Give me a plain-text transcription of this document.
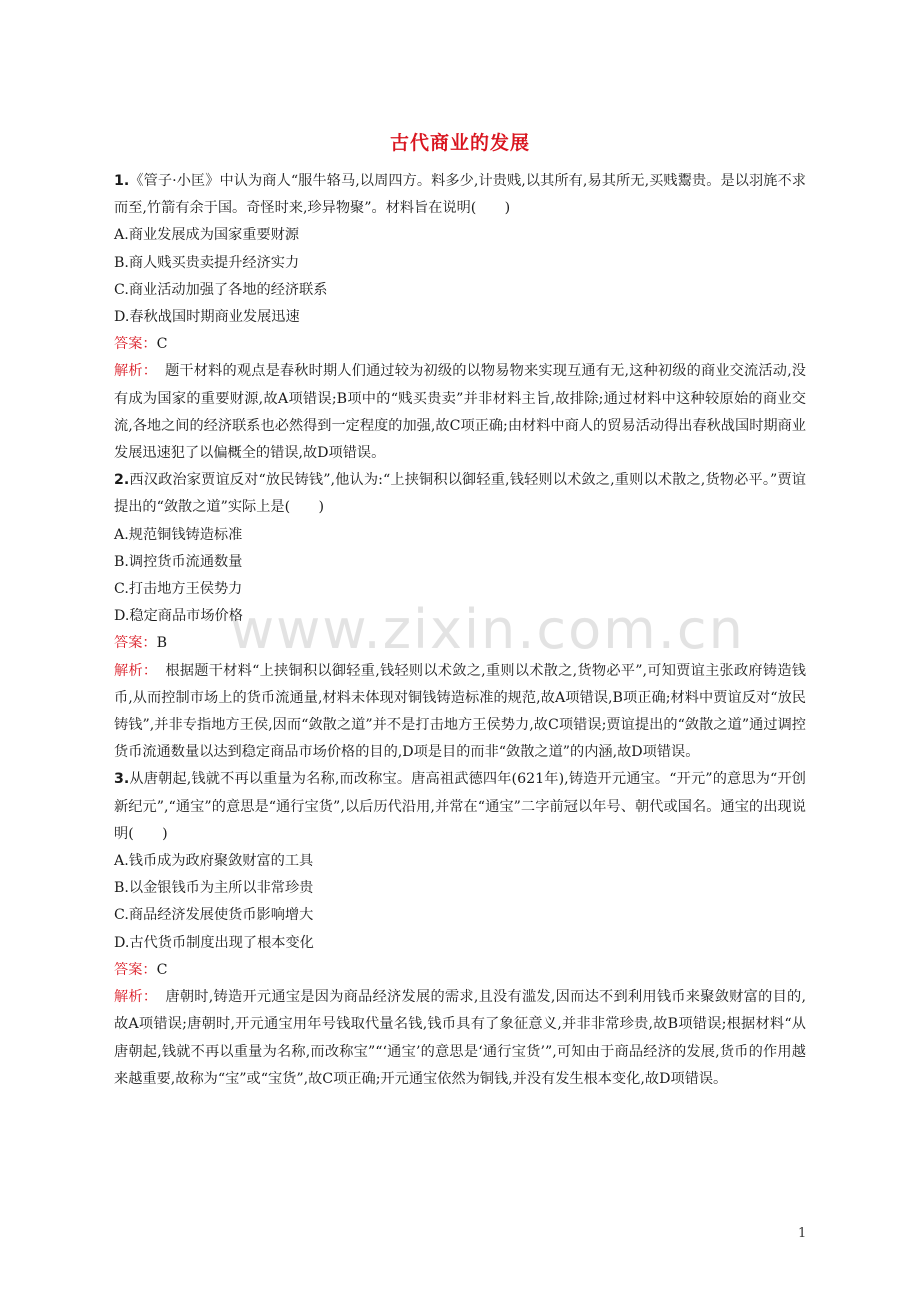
www.zixin.com.cn
古代商业的发展

1.《管子·小匡》中认为商人“服牛辂马,以周四方。料多少,计贵贱,以其所有,易其所无,买贱鬻贵。是以羽旄不求而至,竹箭有余于国。奇怪时来,珍异物聚”。材料旨在说明(　　)

A.商业发展成为国家重要财源

B.商人贱买贵卖提升经济实力

C.商业活动加强了各地的经济联系

D.春秋战国时期商业发展迅速

答案：C

解析： 题干材料的观点是春秋时期人们通过较为初级的以物易物来实现互通有无,这种初级的商业交流活动,没有成为国家的重要财源,故A项错误;B项中的“贱买贵卖”并非材料主旨,故排除;通过材料中这种较原始的商业交流,各地之间的经济联系也必然得到一定程度的加强,故C项正确;由材料中商人的贸易活动得出春秋战国时期商业发展迅速犯了以偏概全的错误,故D项错误。

2.西汉政治家贾谊反对“放民铸钱”,他认为:“上挟铜积以御轻重,钱轻则以术敛之,重则以术散之,货物必平。”贾谊提出的“敛散之道”实际上是(　　)

A.规范铜钱铸造标准

B.调控货币流通数量

C.打击地方王侯势力

D.稳定商品市场价格

答案：B

解析： 根据题干材料“上挟铜积以御轻重,钱轻则以术敛之,重则以术散之,货物必平”,可知贾谊主张政府铸造钱币,从而控制市场上的货币流通量,材料未体现对铜钱铸造标准的规范,故A项错误,B项正确;材料中贾谊反对“放民铸钱”,并非专指地方王侯,因而“敛散之道”并不是打击地方王侯势力,故C项错误;贾谊提出的“敛散之道”通过调控货币流通数量以达到稳定商品市场价格的目的,D项是目的而非“敛散之道”的内涵,故D项错误。

3.从唐朝起,钱就不再以重量为名称,而改称宝。唐高祖武德四年(621年),铸造开元通宝。“开元”的意思为“开创新纪元”,“通宝”的意思是“通行宝货”,以后历代沿用,并常在“通宝”二字前冠以年号、朝代或国名。通宝的出现说明(　　)

A.钱币成为政府聚敛财富的工具

B.以金银钱币为主所以非常珍贵

C.商品经济发展使货币影响增大

D.古代货币制度出现了根本变化

答案：C

解析： 唐朝时,铸造开元通宝是因为商品经济发展的需求,且没有滥发,因而达不到利用钱币来聚敛财富的目的,故A项错误;唐朝时,开元通宝用年号钱取代量名钱,钱币具有了象征意义,并非非常珍贵,故B项错误;根据材料“从唐朝起,钱就不再以重量为名称,而改称宝”“‘通宝’的意思是‘通行宝货’”,可知由于商品经济的发展,货币的作用越来越重要,故称为“宝”或“宝货”,故C项正确;开元通宝依然为铜钱,并没有发生根本变化,故D项错误。

1
